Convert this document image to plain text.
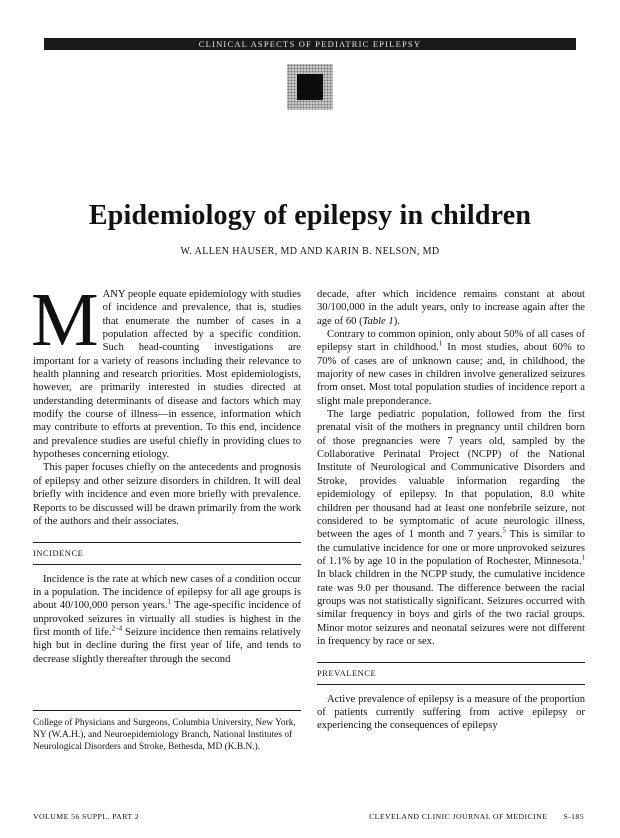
CLINICAL ASPECTS OF PEDIATRIC EPILEPSY
Epidemiology of epilepsy in children
W. ALLEN HAUSER, MD AND KARIN B. NELSON, MD

MANY people equate epidemiology with studies of incidence and prevalence, that is, studies that enumerate the number of cases in a population affected by a specific condition. Such head-counting investigations are important for a variety of reasons including their relevance to health planning and research priorities. Most epidemiologists, however, are primarily interested in studies directed at understanding determinants of disease and factors which may modify the course of illness—in essence, information which may contribute to efforts at prevention. To this end, incidence and prevalence studies are useful chiefly in providing clues to hypotheses concerning etiology.

This paper focuses chiefly on the antecedents and prognosis of epilepsy and other seizure disorders in children. It will deal briefly with incidence and even more briefly with prevalence. Reports to be discussed will be drawn primarily from the work of the authors and their associates.

INCIDENCE

Incidence is the rate at which new cases of a condition occur in a population. The incidence of epilepsy for all age groups is about 40/100,000 person years.$^1$ The age-specific incidence of unprovoked seizures in virtually all studies is highest in the first month of life.$^{2-4}$ Seizure incidence then remains relatively high but in decline during the first year of life, and tends to decrease slightly thereafter through the second

College of Physicians and Surgeons, Columbia University, New York, NY (W.A.H.), and Neuroepidemiology Branch, National Institutes of Neurological Disorders and Stroke, Bethesda, MD (K.B.N.).

decade, after which incidence remains constant at about 30/100,000 in the adult years, only to increase again after the age of 60 (Table 1).

Contrary to common opinion, only about 50% of all cases of epilepsy start in childhood.$^1$ In most studies, about 60% to 70% of cases are of unknown cause; and, in childhood, the majority of new cases in children involve generalized seizures from onset. Most total population studies of incidence report a slight male preponderance.

The large pediatric population, followed from the first prenatal visit of the mothers in pregnancy until children born of those pregnancies were 7 years old, sampled by the Collaborative Perinatal Project (NCPP) of the National Institute of Neurological and Communicative Disorders and Stroke, provides valuable information regarding the epidemiology of epilepsy. In that population, 8.0 white children per thousand had at least one nonfebrile seizure, not considered to be symptomatic of acute neurologic illness, between the ages of 1 month and 7 years.$^5$ This is similar to the cumulative incidence for one or more unprovoked seizures of 1.1% by age 10 in the population of Rochester, Minnesota.$^1$ In black children in the NCPP study, the cumulative incidence rate was 9.0 per thousand. The difference between the racial groups was not statistically significant. Seizures occurred with similar frequency in boys and girls of the two racial groups. Minor motor seizures and neonatal seizures were not different in frequency by race or sex.

PREVALENCE

Active prevalence of epilepsy is a measure of the proportion of patients currently suffering from active epilepsy or experiencing the consequences of epilepsy

VOLUME 56 SUPPL. PART 2	CLEVELAND CLINIC JOURNAL OF MEDICINE S-185
